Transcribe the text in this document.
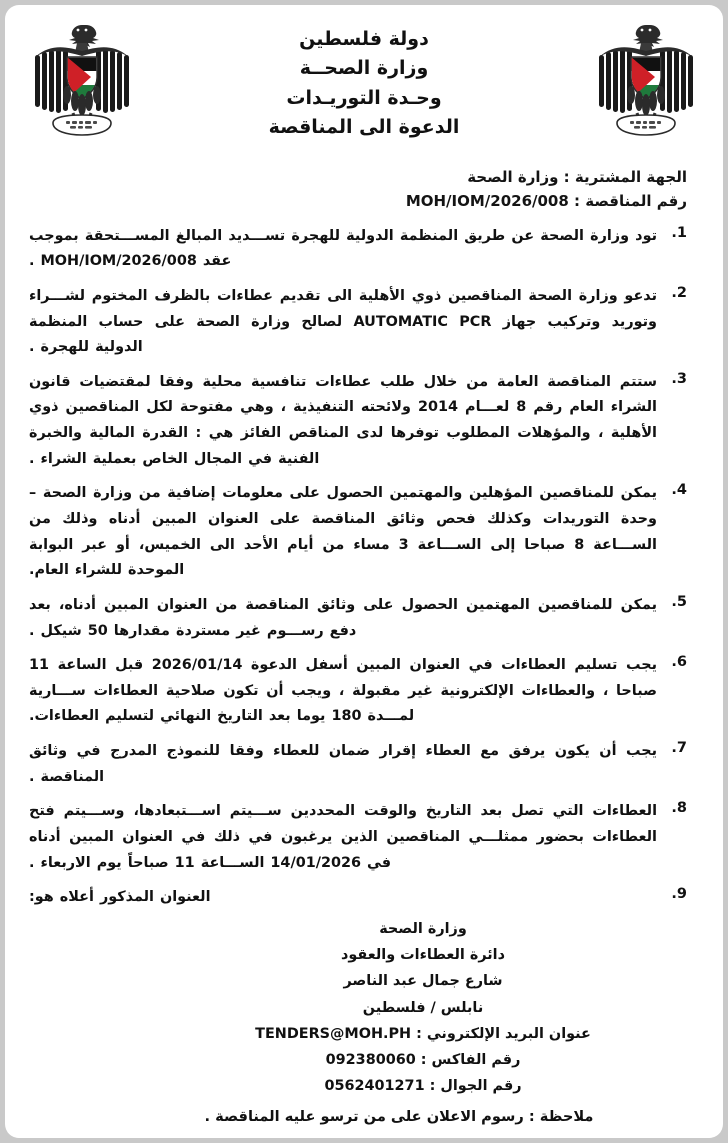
دولة فلسطين
وزارة الصحــة
وحـدة التوريـدات
الدعوة الى المناقصة
الجهة المشترية : وزارة الصحة
رقم المناقصة : MOH/IOM/2026/008
تود وزارة الصحة عن طريق المنظمة الدولية للهجرة تســـديد المبالغ المســـتحقة بموجب عقد MOH/IOM/2026/008 .
تدعو وزارة الصحة المناقصين ذوي الأهلية الى تقديم عطاءات بالظرف المختوم لشـــراء وتوريد وتركيب جهاز AUTOMATIC PCR لصالح وزارة الصحة على حساب المنظمة الدولية للهجرة .
ستتم المناقصة العامة من خلال طلب عطاءات تنافسية محلية وفقا لمقتضيات قانون الشراء العام رقم 8 لعـــام 2014 ولائحته التنفيذية ، وهي مفتوحة لكل المناقصين ذوي الأهلية ، والمؤهلات المطلوب توفرها لدى المناقص الفائز هي : القدرة المالية والخبرة الفنية في المجال الخاص بعملية الشراء .
يمكن للمناقصين المؤهلين والمهتمين الحصول على معلومات إضافية من وزارة الصحة – وحدة التوريدات وكذلك فحص وثائق المناقصة على العنوان المبين أدناه وذلك من الســـاعة 8 صباحا إلى الســـاعة 3 مساء من أيام الأحد الى الخميس، أو عبر البوابة الموحدة للشراء العام.
يمكن للمناقصين المهتمين الحصول على وثائق المناقصة من العنوان المبين أدناه، بعد دفع رســـوم غير مستردة مقدارها 50 شيكل .
يجب تسليم العطاءات في العنوان المبين أسفل الدعوة 2026/01/14 قبل الساعة 11 صباحا ، والعطاءات الإلكترونية غير مقبولة ، ويجب أن تكون صلاحية العطاءات ســـارية لمـــدة 180 يوما بعد التاريخ النهائي لتسليم العطاءات.
يجب أن يكون يرفق مع العطاء إقرار ضمان للعطاء وفقا للنموذج المدرج في وثائق المناقصة .
العطاءات التي تصل بعد التاريخ والوقت المحددين ســـيتم اســـتبعادها، وســـيتم فتح العطاءات بحضور ممثلـــي المناقصين الذين يرغبون في ذلك في العنوان المبين أدناه في 14/01/2026 الســـاعة 11 صباحاً يوم الاربعاء .
العنوان المذكور أعلاه هو:
وزارة الصحة
دائرة العطاءات والعقود
شارع جمال عبد الناصر
نابلس / فلسطين
عنوان البريد الإلكتروني : TENDERS@MOH.PH
رقم الفاكس : 092380060
رقم الجوال : 0562401271
ملاحظة : رسوم الاعلان على من ترسو عليه المناقصة .
